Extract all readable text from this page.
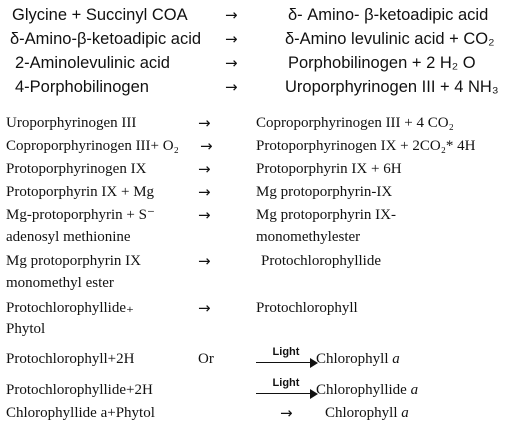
Glycine + Succinyl COA →	δ- Amino- β-ketoadipic acid
δ-Amino-β-ketoadipic acid →	δ-Amino levulinic acid + CO₂
2-Aminolevulinic acid	→	Porphobilinogen + 2 H₂ O
4-Porphobilinogen	→	Uroporphyrinogen III + 4 NH₃
Uroporphyrinogen III	→	Coproporphyrinogen III + 4 CO₂
Coproporphyrinogen III+ O₂ →	Protoporphyrinogen IX + 2CO₂* 4H
Protoporphyrinogen IX	→	Protoporphyrin IX + 6H
Protoporphyrin IX + Mg	→	Mg protoporphyrin-IX
Mg-protoporphyrin + S⁻	→	Mg protoporphyrin IX-
adenosyl methionine	monomethylester
Mg protoporphyrin IX	→	Protochlorophyllide
monomethyl ester
Protochlorophyllide₊	→	Protochlorophyll
Phytol
Protochlorophyll+2H	Or	Light	Chlorophyll a
Protochlorophyllide+2H	Light	Chlorophyllide a
Chlorophyllide a+Phytol	→ Chlorophyll a
